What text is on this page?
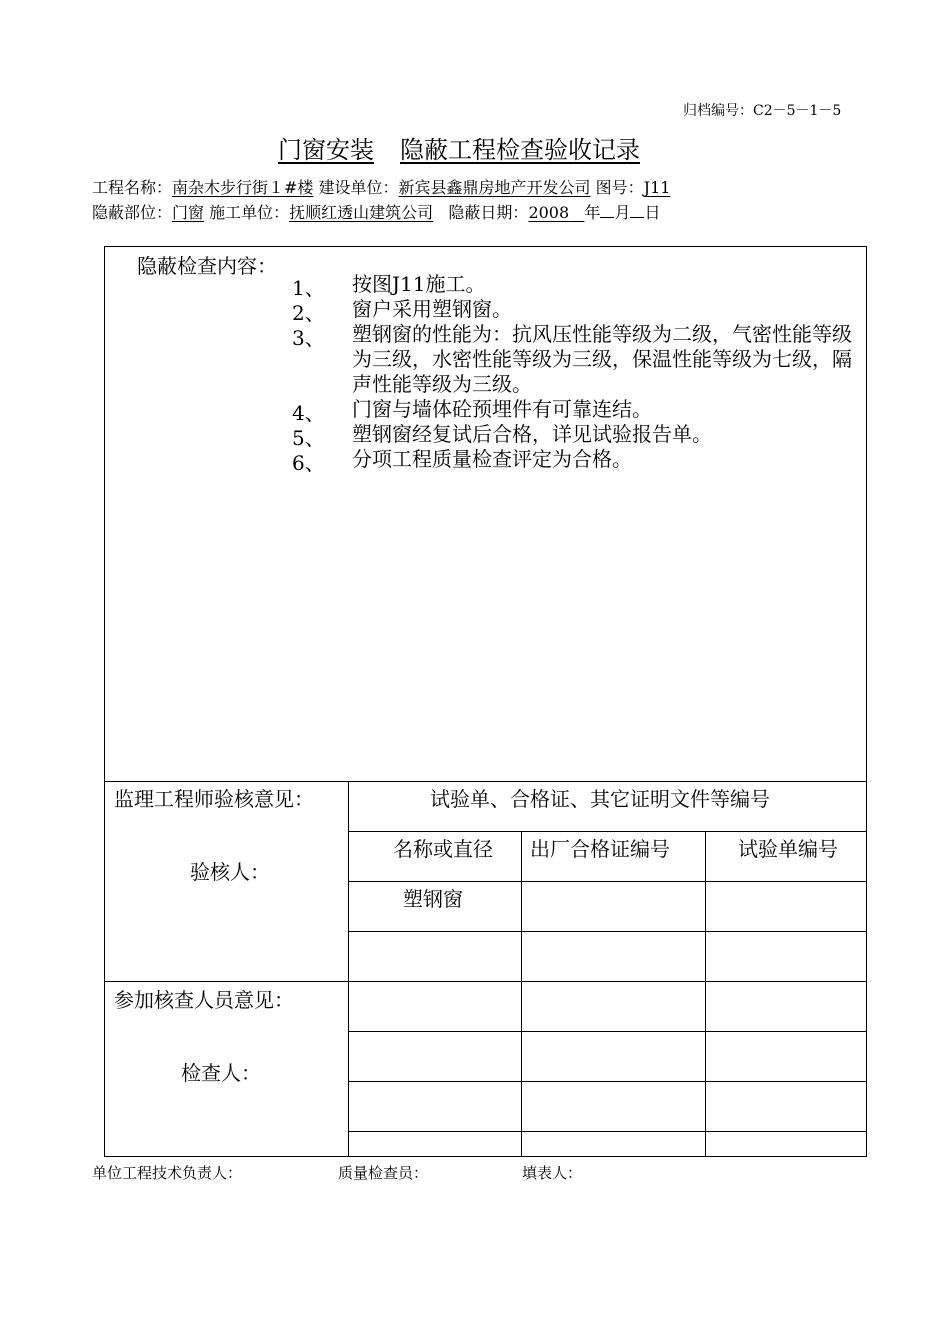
归档编号：C2－5－1－5
门窗安装 隐蔽工程检查验收记录
工程名称：南杂木步行街１#楼 建设单位：新宾县鑫鼎房地产开发公司 图号：J11
隐蔽部位：门窗 施工单位：抚顺红透山建筑公司 隐蔽日期：2008 年 月 日
隐蔽检查内容：
1、	按图J11施工。
2、	窗户采用塑钢窗。
3、	塑钢窗的性能为：抗风压性能等级为二级，气密性能等级为三级，水密性能等级为三级，保温性能等级为七级，隔声性能等级为三级。
4、	门窗与墙体砼预埋件有可靠连结。
5、	塑钢窗经复试后合格，详见试验报告单。
6、	分项工程质量检查评定为合格。
监理工程师验核意见：
验核人：
参加核查人员意见：
检查人：
试验单、合格证、其它证明文件等编号
名称或直径 出厂合格证编号	试验单编号
塑钢窗
单位工程技术负责人：	质量检查员：	填表人：
